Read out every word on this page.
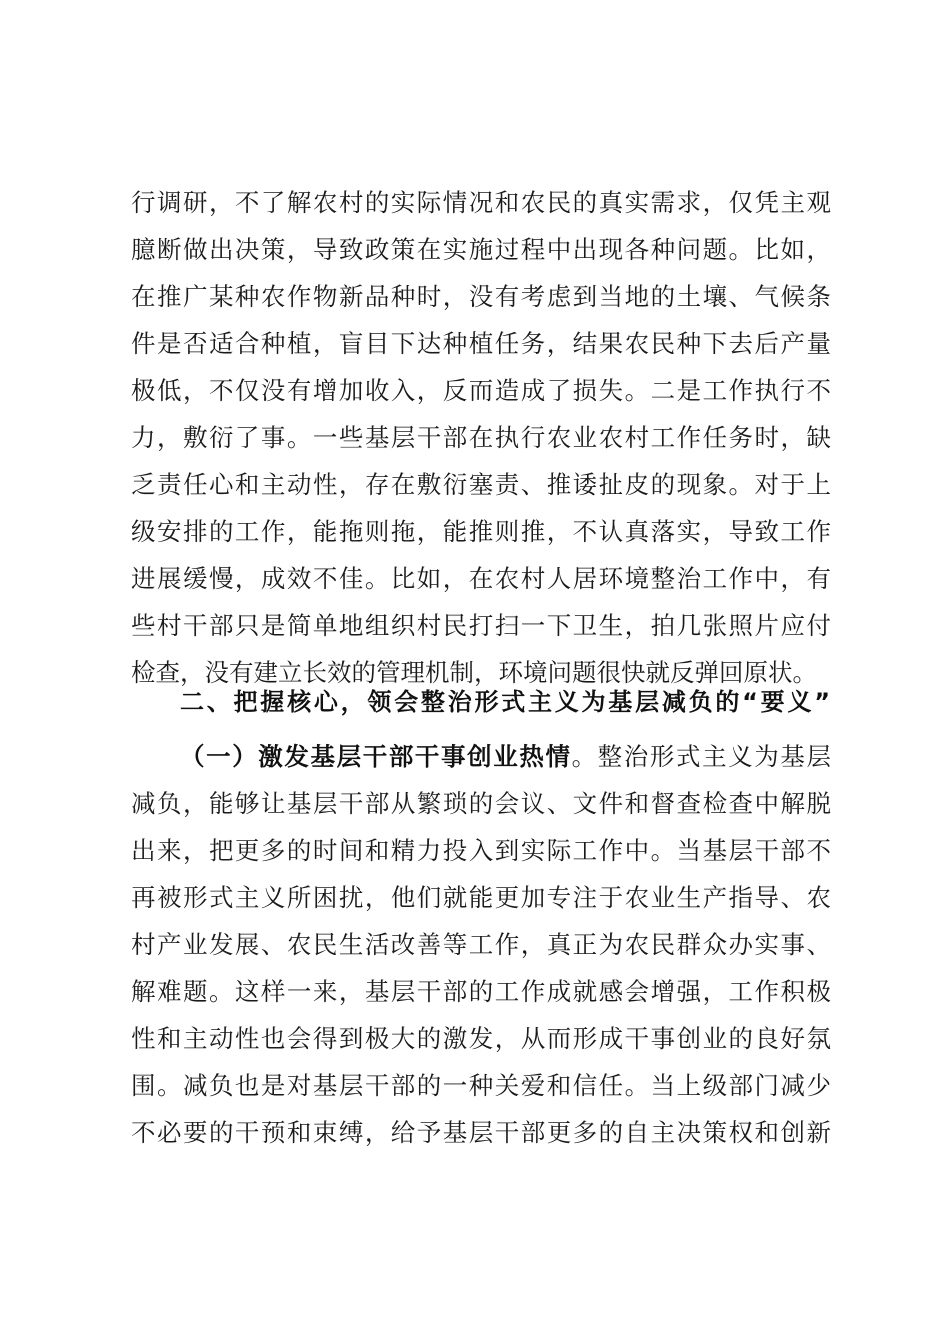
行调研，不了解农村的实际情况和农民的真实需求，仅凭主观
臆断做出决策，导致政策在实施过程中出现各种问题。比如，
在推广某种农作物新品种时，没有考虑到当地的土壤、气候条
件是否适合种植，盲目下达种植任务，结果农民种下去后产量
极低，不仅没有增加收入，反而造成了损失。二是工作执行不
力，敷衍了事。一些基层干部在执行农业农村工作任务时，缺
乏责任心和主动性，存在敷衍塞责、推诿扯皮的现象。对于上
级安排的工作，能拖则拖，能推则推，不认真落实，导致工作
进展缓慢，成效不佳。比如，在农村人居环境整治工作中，有
些村干部只是简单地组织村民打扫一下卫生，拍几张照片应付
检查，没有建立长效的管理机制，环境问题很快就反弹回原状。
二、把握核心，领会整治形式主义为基层减负的“要义”
（一）激发基层干部干事创业热情。整治形式主义为基层
减负，能够让基层干部从繁琐的会议、文件和督查检查中解脱
出来，把更多的时间和精力投入到实际工作中。当基层干部不
再被形式主义所困扰，他们就能更加专注于农业生产指导、农
村产业发展、农民生活改善等工作，真正为农民群众办实事、
解难题。这样一来，基层干部的工作成就感会增强，工作积极
性和主动性也会得到极大的激发，从而形成干事创业的良好氛
围。减负也是对基层干部的一种关爱和信任。当上级部门减少
不必要的干预和束缚，给予基层干部更多的自主决策权和创新
